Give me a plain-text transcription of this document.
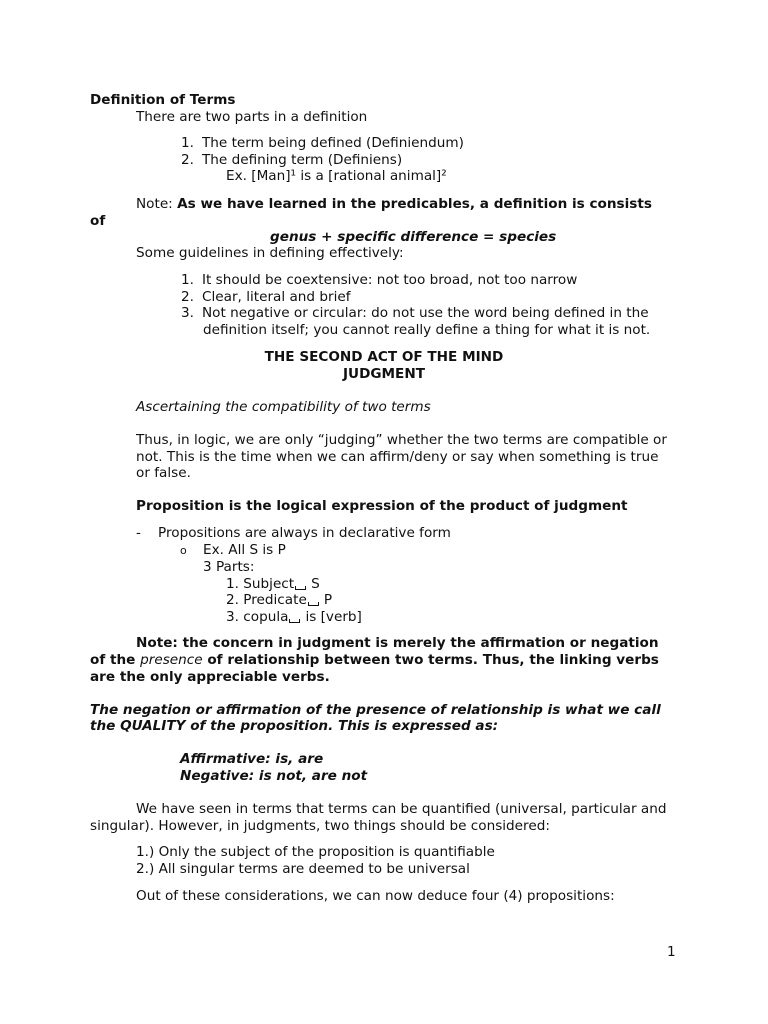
Definition of Terms
There are two parts in a definition
1. The term being defined (Definiendum)
2. The defining term (Definiens)
Ex. [Man]¹ is a [rational animal]²
Note: As we have learned in the predicables, a definition is consists
of
genus + specific difference = species
Some guidelines in defining effectively:
1. It should be coextensive: not too broad, not too narrow
2. Clear, literal and brief
3. Not negative or circular: do not use the word being defined in the
definition itself; you cannot really define a thing for what it is not.
THE SECOND ACT OF THE MIND
JUDGMENT
Ascertaining the compatibility of two terms
Thus, in logic, we are only “judging” whether the two terms are compatible or
not. This is the time when we can affirm/deny or say when something is true
or false.
Proposition is the logical expression of the product of judgment
- Propositions are always in declarative form
o Ex. All S is P
3 Parts:
1. Subject S
2. Predicate P
3. copula is [verb]
Note: the concern in judgment is merely the affirmation or negation
of the presence of relationship between two terms. Thus, the linking verbs
are the only appreciable verbs.
The negation or affirmation of the presence of relationship is what we call
the QUALITY of the proposition. This is expressed as:
Affirmative: is, are
Negative: is not, are not
We have seen in terms that terms can be quantified (universal, particular and
singular). However, in judgments, two things should be considered:
1.) Only the subject of the proposition is quantifiable
2.) All singular terms are deemed to be universal
Out of these considerations, we can now deduce four (4) propositions:
1
